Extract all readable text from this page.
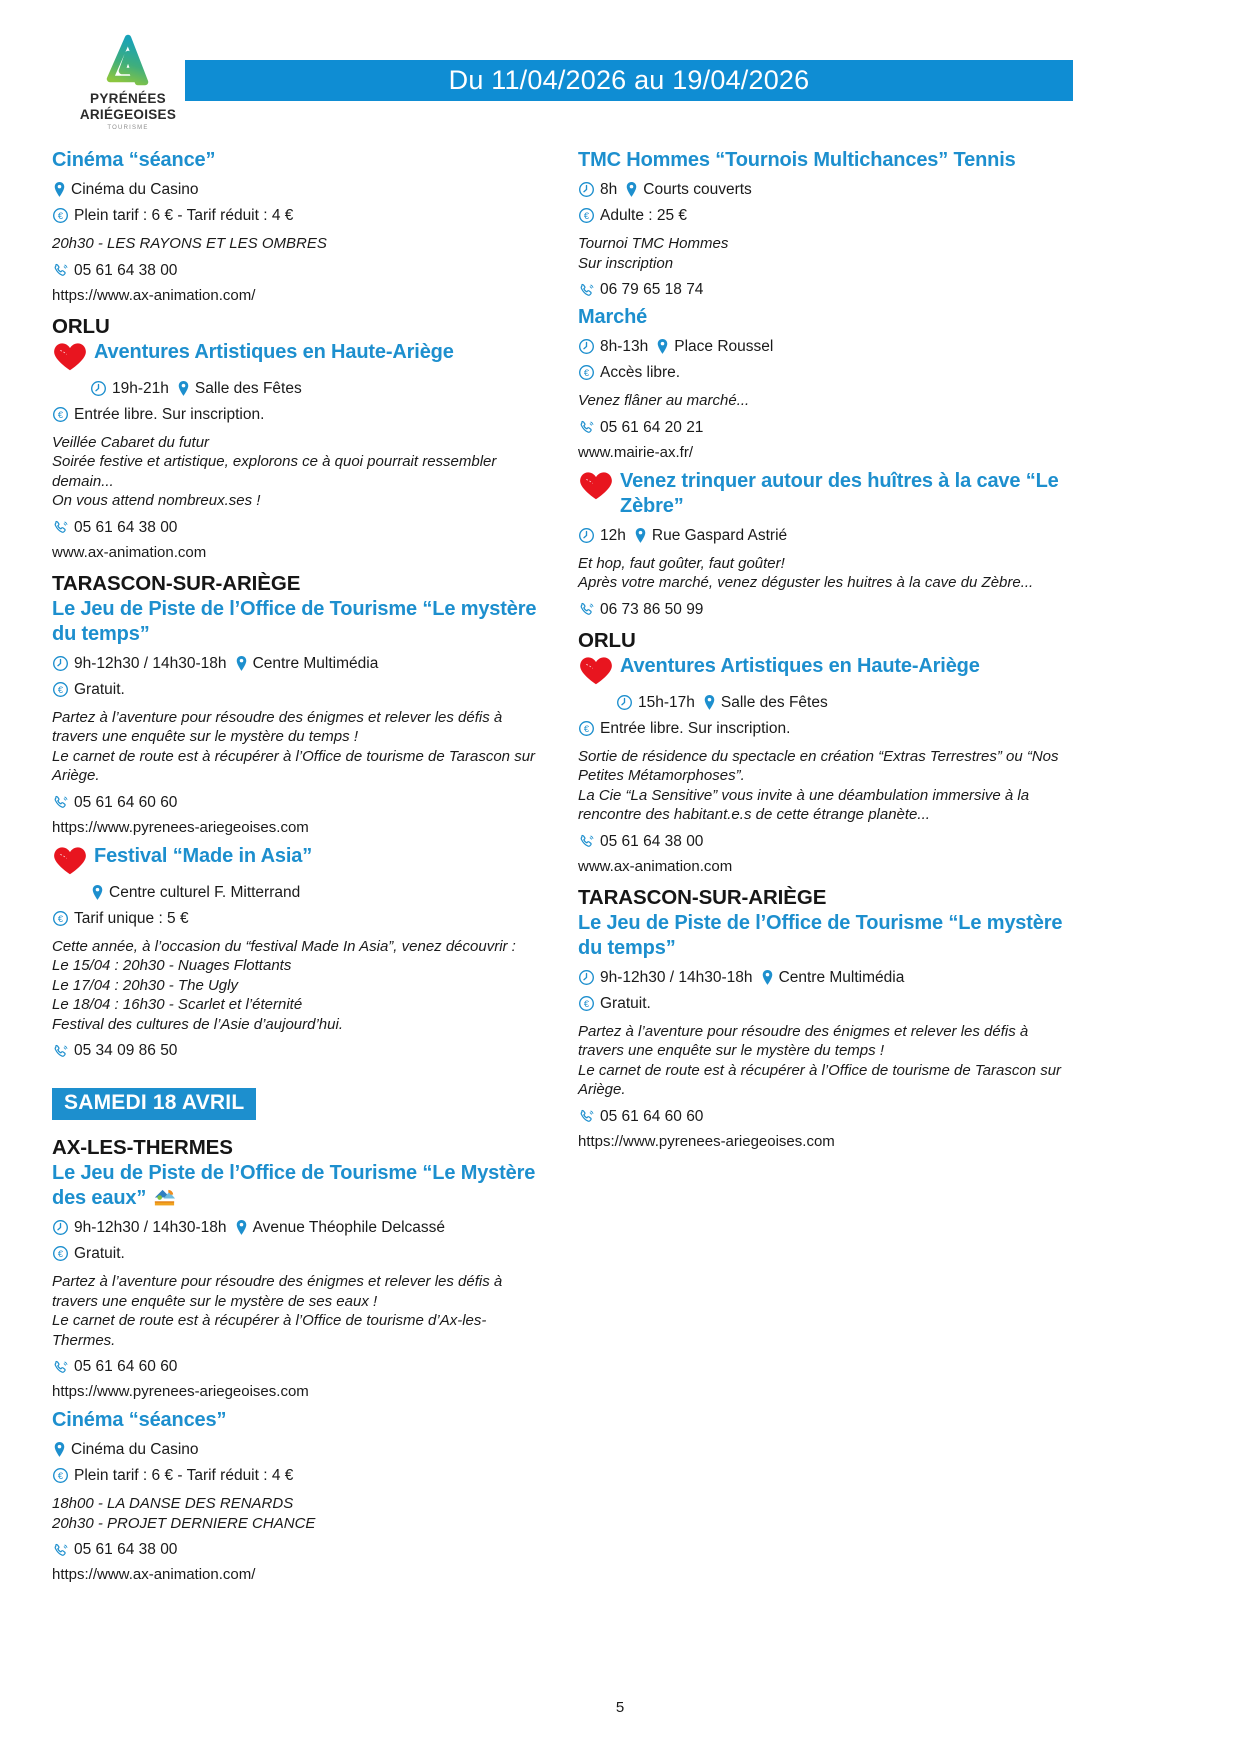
PYRÉNÉES
ARIÉGEOISES
TOURISME
Du 11/04/2026 au 19/04/2026
Cinéma “séance”
Cinéma du Casino
€ Plein tarif : 6 € - Tarif réduit : 4 €
20h30 - LES RAYONS ET LES OMBRES
05 61 64 38 00
https://www.ax-animation.com/
ORLU
Aventures Artistiques en Haute-Ariège
19h-21h Salle des Fêtes
€ Entrée libre. Sur inscription.
Veillée Cabaret du futur
Soirée festive et artistique, explorons ce à quoi pourrait ressembler demain...
On vous attend nombreux.ses !
05 61 64 38 00
www.ax-animation.com
TARASCON-SUR-ARIÈGE
Le Jeu de Piste de l’Office de Tourisme “Le mystère du temps”
9h-12h30 / 14h30-18h Centre Multimédia
€ Gratuit.
Partez à l’aventure pour résoudre des énigmes et relever les défis à travers une enquête sur le mystère du temps !
Le carnet de route est à récupérer à l’Office de tourisme de Tarascon sur Ariège.
05 61 64 60 60
https://www.pyrenees-ariegeoises.com
Festival “Made in Asia”
Centre culturel F. Mitterrand
€ Tarif unique : 5 €
Cette année, à l’occasion du “festival Made In Asia”, venez découvrir :
Le 15/04 : 20h30 - Nuages Flottants
Le 17/04 : 20h30 - The Ugly
Le 18/04 : 16h30 - Scarlet et l’éternité
Festival des cultures de l’Asie d’aujourd’hui.
05 34 09 86 50
SAMEDI 18 AVRIL
AX-LES-THERMES
Le Jeu de Piste de l’Office de Tourisme “Le Mystère des eaux”
9h-12h30 / 14h30-18h Avenue Théophile Delcassé
€ Gratuit.
Partez à l’aventure pour résoudre des énigmes et relever les défis à travers une enquête sur le mystère de ses eaux !
Le carnet de route est à récupérer à l’Office de tourisme d’Ax-les-Thermes.
05 61 64 60 60
https://www.pyrenees-ariegeoises.com
Cinéma “séances”
Cinéma du Casino
€ Plein tarif : 6 € - Tarif réduit : 4 €
18h00 - LA DANSE DES RENARDS
20h30 - PROJET DERNIERE CHANCE
05 61 64 38 00
https://www.ax-animation.com/
TMC Hommes “Tournois Multichances” Tennis
8h Courts couverts
€ Adulte : 25 €
Tournoi TMC Hommes
Sur inscription
06 79 65 18 74
Marché
8h-13h Place Roussel
€ Accès libre.
Venez flâner au marché...
05 61 64 20 21
www.mairie-ax.fr/
Venez trinquer autour des huîtres à la cave “Le Zèbre”
12h Rue Gaspard Astrié
Et hop, faut goûter, faut goûter!
Après votre marché, venez déguster les huitres à la cave du Zèbre...
06 73 86 50 99
ORLU
Aventures Artistiques en Haute-Ariège
15h-17h Salle des Fêtes
€ Entrée libre. Sur inscription.
Sortie de résidence du spectacle en création “Extras Terrestres” ou “Nos Petites Métamorphoses”.
La Cie “La Sensitive” vous invite à une déambulation immersive à la rencontre des habitant.e.s de cette étrange planète...
05 61 64 38 00
www.ax-animation.com
TARASCON-SUR-ARIÈGE
Le Jeu de Piste de l’Office de Tourisme “Le mystère du temps”
9h-12h30 / 14h30-18h Centre Multimédia
€ Gratuit.
Partez à l’aventure pour résoudre des énigmes et relever les défis à travers une enquête sur le mystère du temps !
Le carnet de route est à récupérer à l’Office de tourisme de Tarascon sur Ariège.
05 61 64 60 60
https://www.pyrenees-ariegeoises.com
5
